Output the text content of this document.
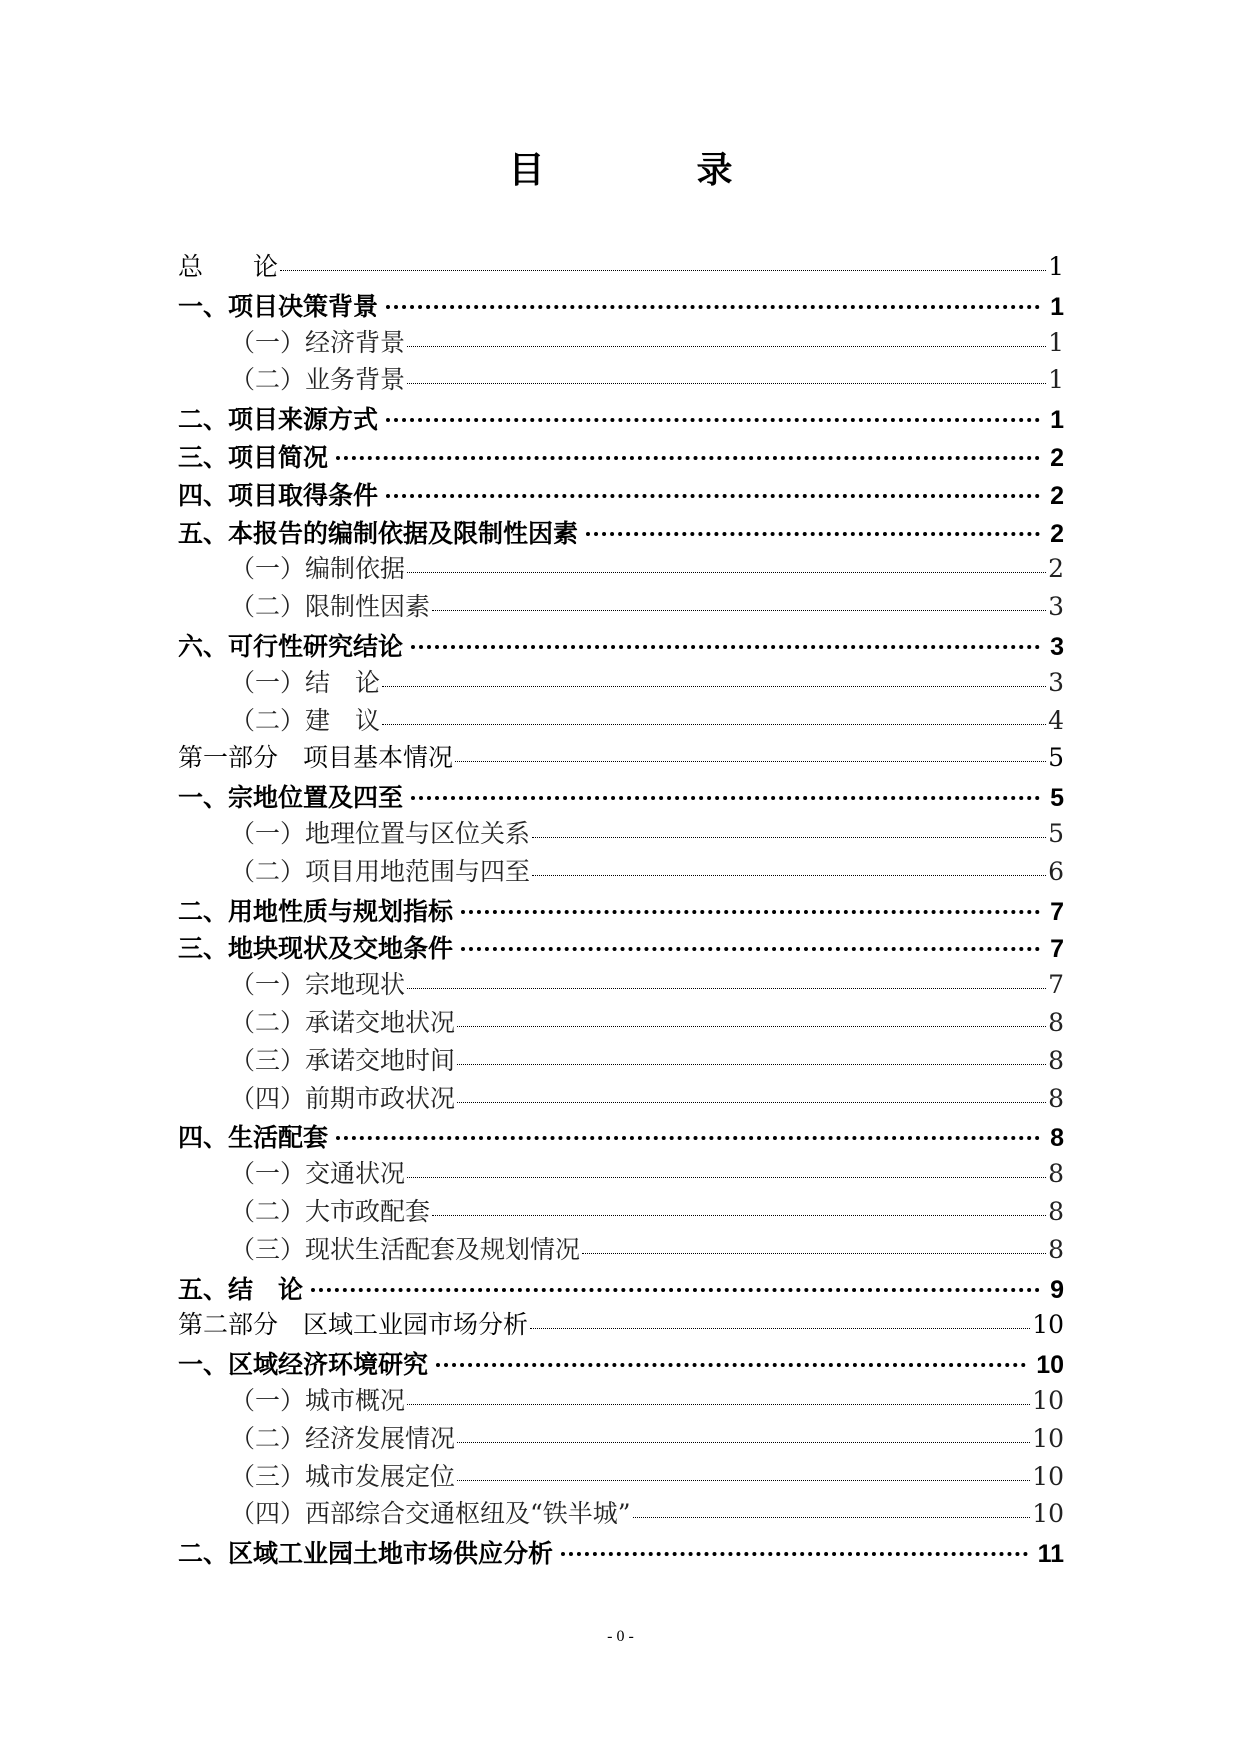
目　录
总　　论	1
一、项目决策背景	1
（一）经济背景	1
（二）业务背景	1
二、项目来源方式	1
三、项目简况	2
四、项目取得条件	2
五、本报告的编制依据及限制性因素	2
（一）编制依据	2
（二）限制性因素	3
六、可行性研究结论	3
（一）结　论	3
（二）建　议	4
第一部分　项目基本情况	5
一、宗地位置及四至	5
（一）地理位置与区位关系	5
（二）项目用地范围与四至	6
二、用地性质与规划指标	7
三、地块现状及交地条件	7
（一）宗地现状	7
（二）承诺交地状况	8
（三）承诺交地时间	8
（四）前期市政状况	8
四、生活配套	8
（一）交通状况	8
（二）大市政配套	8
（三）现状生活配套及规划情况	8
五、结　论	9
第二部分　区域工业园市场分析	10
一、区域经济环境研究	10
（一）城市概况	10
（二）经济发展情况	10
（三）城市发展定位	10
（四）西部综合交通枢纽及“铁半城”	10
二、区域工业园土地市场供应分析	11
- 0 -
